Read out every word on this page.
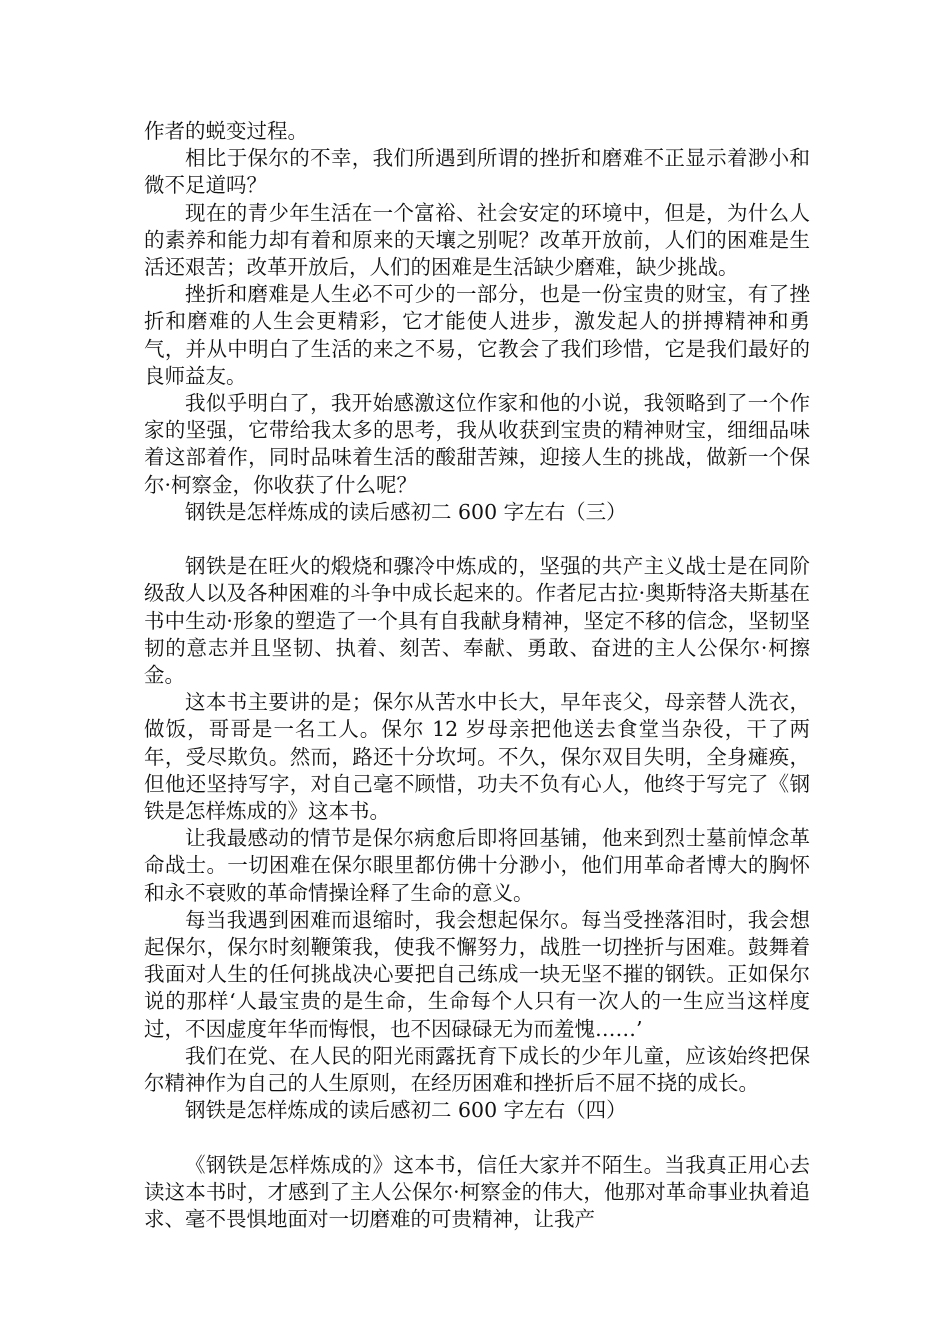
作者的蜕变过程。

相比于保尔的不幸，我们所遇到所谓的挫折和磨难不正显示着渺小和微不足道吗？

现在的青少年生活在一个富裕、社会安定的环境中，但是，为什么人的素养和能力却有着和原来的天壤之别呢？改革开放前，人们的困难是生活还艰苦；改革开放后，人们的困难是生活缺少磨难，缺少挑战。

挫折和磨难是人生必不可少的一部分，也是一份宝贵的财宝，有了挫折和磨难的人生会更精彩，它才能使人进步，激发起人的拼搏精神和勇气，并从中明白了生活的来之不易，它教会了我们珍惜，它是我们最好的良师益友。

我似乎明白了，我开始感激这位作家和他的小说，我领略到了一个作家的坚强，它带给我太多的思考，我从收获到宝贵的精神财宝，细细品味着这部着作，同时品味着生活的酸甜苦辣，迎接人生的挑战，做新一个保尔·柯察金，你收获了什么呢？

钢铁是怎样炼成的读后感初二 600 字左右（三）

钢铁是在旺火的煅烧和骤冷中炼成的，坚强的共产主义战士是在同阶级敌人以及各种困难的斗争中成长起来的。作者尼古拉·奥斯特洛夫斯基在书中生动·形象的塑造了一个具有自我献身精神，坚定不移的信念，坚韧坚韧的意志并且坚韧、执着、刻苦、奉献、勇敢、奋进的主人公保尔·柯擦金。

这本书主要讲的是；保尔从苦水中长大，早年丧父，母亲替人洗衣，做饭，哥哥是一名工人。保尔 12 岁母亲把他送去食堂当杂役，干了两年，受尽欺负。然而，路还十分坎坷。不久，保尔双目失明，全身瘫痪，但他还坚持写字，对自己毫不顾惜，功夫不负有心人，他终于写完了《钢铁是怎样炼成的》这本书。

让我最感动的情节是保尔病愈后即将回基铺，他来到烈士墓前悼念革命战士。一切困难在保尔眼里都仿佛十分渺小，他们用革命者博大的胸怀和永不衰败的革命情操诠释了生命的意义。

每当我遇到困难而退缩时，我会想起保尔。每当受挫落泪时，我会想起保尔，保尔时刻鞭策我，使我不懈努力，战胜一切挫折与困难。鼓舞着我面对人生的任何挑战决心要把自己练成一块无坚不摧的钢铁。正如保尔说的那样‘人最宝贵的是生命，生命每个人只有一次人的一生应当这样度过，不因虚度年华而悔恨，也不因碌碌无为而羞愧……’

我们在党、在人民的阳光雨露抚育下成长的少年儿童，应该始终把保尔精神作为自己的人生原则，在经历困难和挫折后不屈不挠的成长。

钢铁是怎样炼成的读后感初二 600 字左右（四）

《钢铁是怎样炼成的》这本书，信任大家并不陌生。当我真正用心去读这本书时，才感到了主人公保尔·柯察金的伟大，他那对革命事业执着追求、毫不畏惧地面对一切磨难的可贵精神，让我产
